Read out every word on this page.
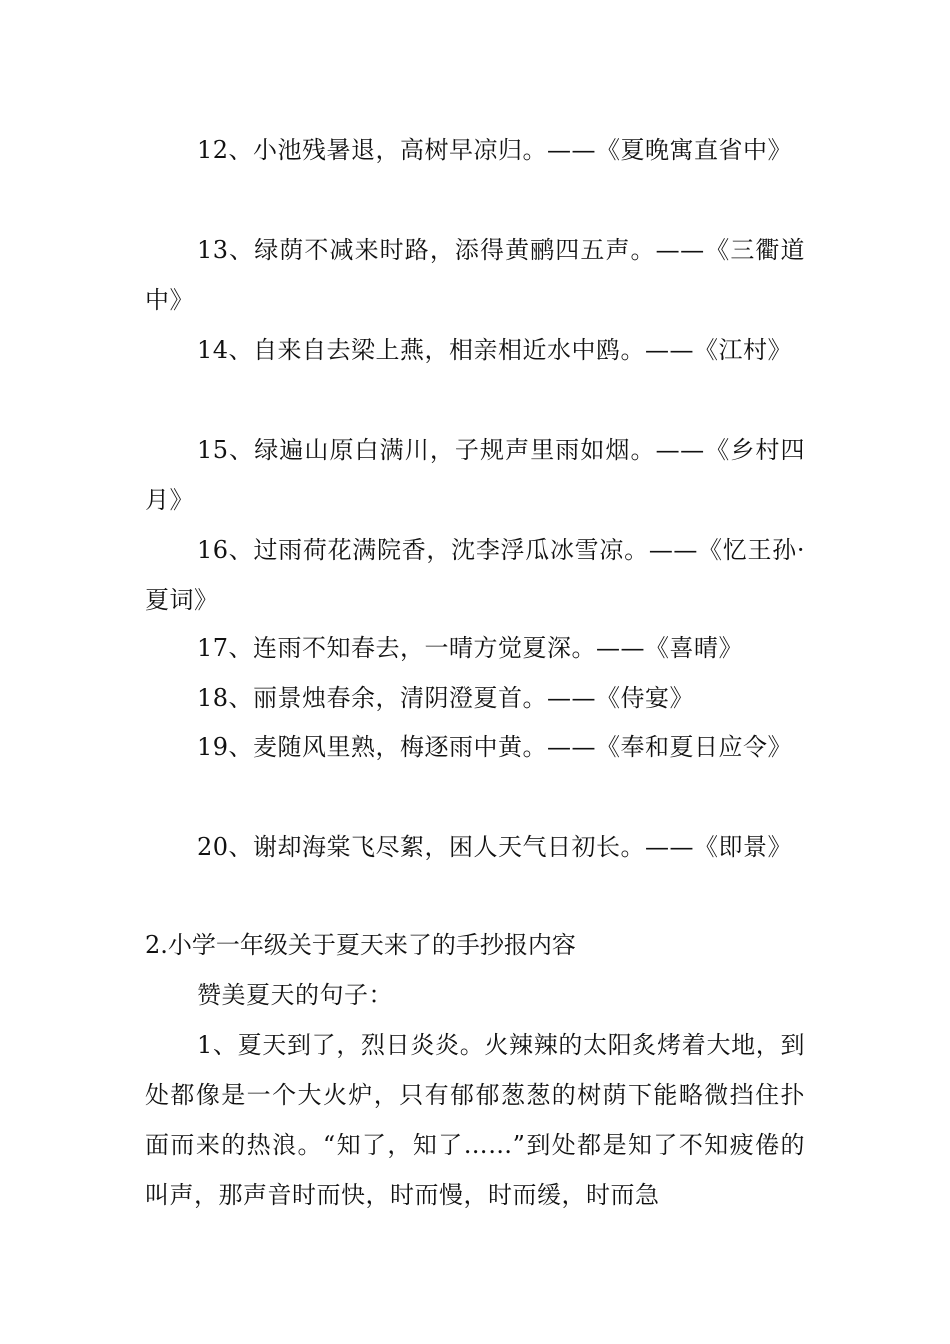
12、小池残暑退，高树早凉归。——《夏晚寓直省中》

13、绿荫不减来时路，添得黄鹂四五声。——《三衢道中》

14、自来自去梁上燕，相亲相近水中鸥。——《江村》

15、绿遍山原白满川，子规声里雨如烟。——《乡村四月》

16、过雨荷花满院香，沈李浮瓜冰雪凉。——《忆王孙·夏词》

17、连雨不知春去，一晴方觉夏深。——《喜晴》

18、丽景烛春余，清阴澄夏首。——《侍宴》

19、麦随风里熟，梅逐雨中黄。——《奉和夏日应令》

20、谢却海棠飞尽絮，困人天气日初长。——《即景》

2.小学一年级关于夏天来了的手抄报内容

赞美夏天的句子：

1、夏天到了，烈日炎炎。火辣辣的太阳炙烤着大地，到处都像是一个大火炉，只有郁郁葱葱的树荫下能略微挡住扑面而来的热浪。“知了，知了……”到处都是知了不知疲倦的叫声，那声音时而快，时而慢，时而缓，时而急
